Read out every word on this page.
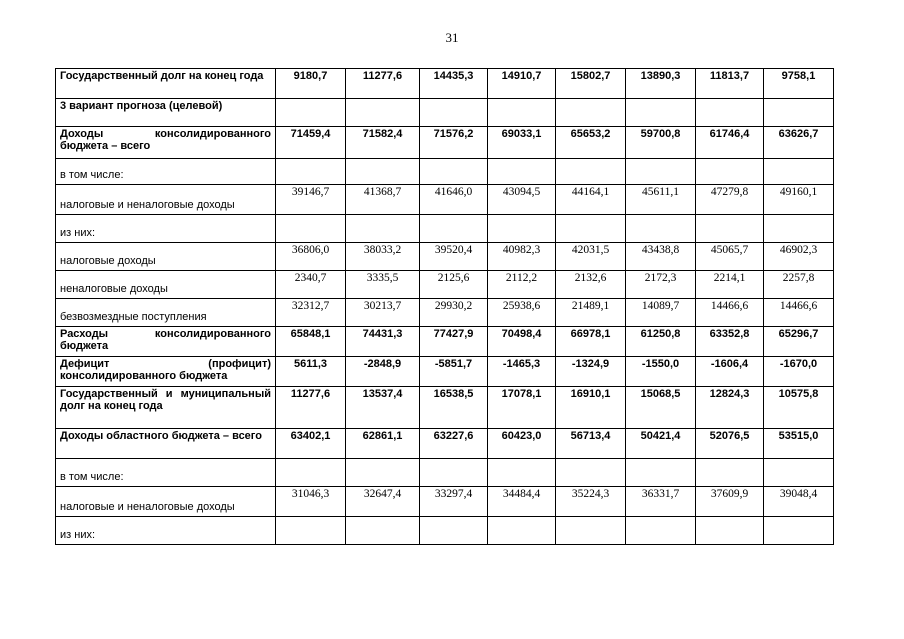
31
Государственный долг на конец года	9180,7	11277,6	14435,3	14910,7	15802,7	13890,3	11813,7	9758,1
3 вариант прогноза (целевой)								
Доходы консолидированного бюджета – всего	71459,4	71582,4	71576,2	69033,1	65653,2	59700,8	61746,4	63626,7
в том числе:								
налоговые и неналоговые доходы	39146,7	41368,7	41646,0	43094,5	44164,1	45611,1	47279,8	49160,1
из них:								
налоговые доходы	36806,0	38033,2	39520,4	40982,3	42031,5	43438,8	45065,7	46902,3
неналоговые доходы	2340,7	3335,5	2125,6	2112,2	2132,6	2172,3	2214,1	2257,8
безвозмездные поступления	32312,7	30213,7	29930,2	25938,6	21489,1	14089,7	14466,6	14466,6
Расходы консолидированного бюджета	65848,1	74431,3	77427,9	70498,4	66978,1	61250,8	63352,8	65296,7
Дефицит (профицит) консолидированного бюджета	5611,3	-2848,9	-5851,7	-1465,3	-1324,9	-1550,0	-1606,4	-1670,0
Государственный и муниципальный долг на конец года	11277,6	13537,4	16538,5	17078,1	16910,1	15068,5	12824,3	10575,8
Доходы областного бюджета – всего	63402,1	62861,1	63227,6	60423,0	56713,4	50421,4	52076,5	53515,0
в том числе:								
налоговые и неналоговые доходы	31046,3	32647,4	33297,4	34484,4	35224,3	36331,7	37609,9	39048,4
из них:								
